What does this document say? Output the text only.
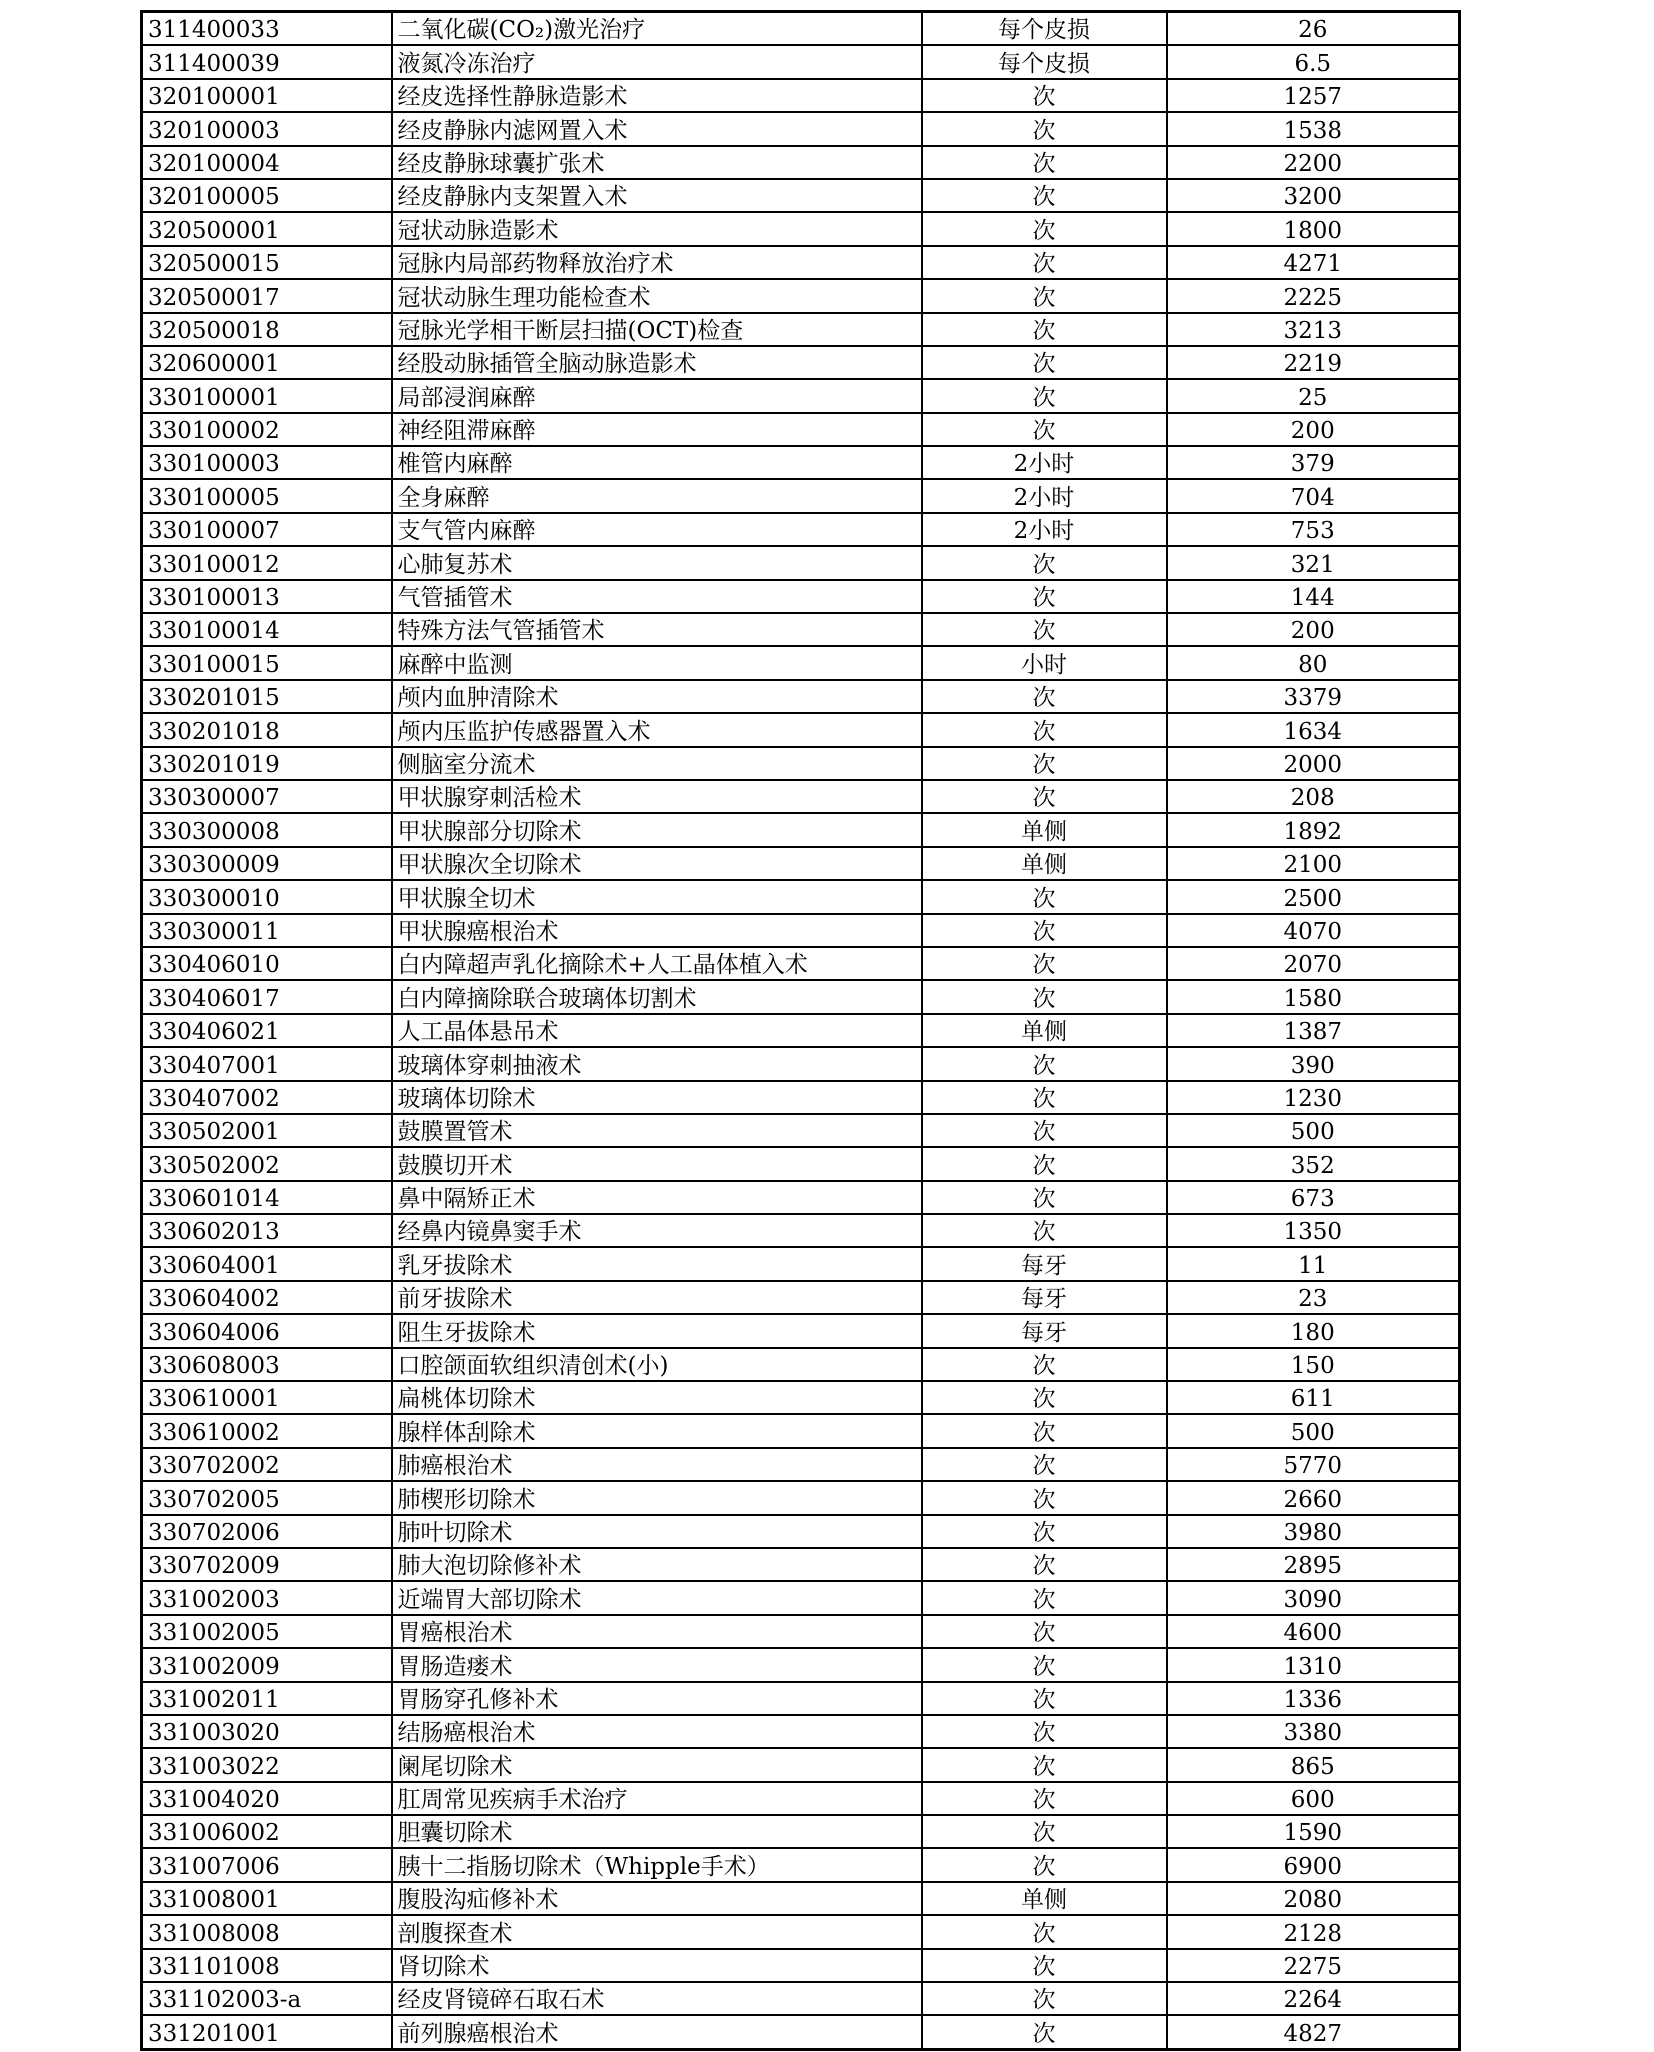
311400033	二氧化碳(CO₂)激光治疗	每个皮损	26
311400039	液氮冷冻治疗	每个皮损	6.5
320100001	经皮选择性静脉造影术	次	1257
320100003	经皮静脉内滤网置入术	次	1538
320100004	经皮静脉球囊扩张术	次	2200
320100005	经皮静脉内支架置入术	次	3200
320500001	冠状动脉造影术	次	1800
320500015	冠脉内局部药物释放治疗术	次	4271
320500017	冠状动脉生理功能检查术	次	2225
320500018	冠脉光学相干断层扫描(OCT)检查	次	3213
320600001	经股动脉插管全脑动脉造影术	次	2219
330100001	局部浸润麻醉	次	25
330100002	神经阻滞麻醉	次	200
330100003	椎管内麻醉	2小时	379
330100005	全身麻醉	2小时	704
330100007	支气管内麻醉	2小时	753
330100012	心肺复苏术	次	321
330100013	气管插管术	次	144
330100014	特殊方法气管插管术	次	200
330100015	麻醉中监测	小时	80
330201015	颅内血肿清除术	次	3379
330201018	颅内压监护传感器置入术	次	1634
330201019	侧脑室分流术	次	2000
330300007	甲状腺穿刺活检术	次	208
330300008	甲状腺部分切除术	单侧	1892
330300009	甲状腺次全切除术	单侧	2100
330300010	甲状腺全切术	次	2500
330300011	甲状腺癌根治术	次	4070
330406010	白内障超声乳化摘除术+人工晶体植入术	次	2070
330406017	白内障摘除联合玻璃体切割术	次	1580
330406021	人工晶体悬吊术	单侧	1387
330407001	玻璃体穿刺抽液术	次	390
330407002	玻璃体切除术	次	1230
330502001	鼓膜置管术	次	500
330502002	鼓膜切开术	次	352
330601014	鼻中隔矫正术	次	673
330602013	经鼻内镜鼻窦手术	次	1350
330604001	乳牙拔除术	每牙	11
330604002	前牙拔除术	每牙	23
330604006	阻生牙拔除术	每牙	180
330608003	口腔颌面软组织清创术(小)	次	150
330610001	扁桃体切除术	次	611
330610002	腺样体刮除术	次	500
330702002	肺癌根治术	次	5770
330702005	肺楔形切除术	次	2660
330702006	肺叶切除术	次	3980
330702009	肺大泡切除修补术	次	2895
331002003	近端胃大部切除术	次	3090
331002005	胃癌根治术	次	4600
331002009	胃肠造瘘术	次	1310
331002011	胃肠穿孔修补术	次	1336
331003020	结肠癌根治术	次	3380
331003022	阑尾切除术	次	865
331004020	肛周常见疾病手术治疗	次	600
331006002	胆囊切除术	次	1590
331007006	胰十二指肠切除术（Whipple手术）	次	6900
331008001	腹股沟疝修补术	单侧	2080
331008008	剖腹探查术	次	2128
331101008	肾切除术	次	2275
331102003-a	经皮肾镜碎石取石术	次	2264
331201001	前列腺癌根治术	次	4827
